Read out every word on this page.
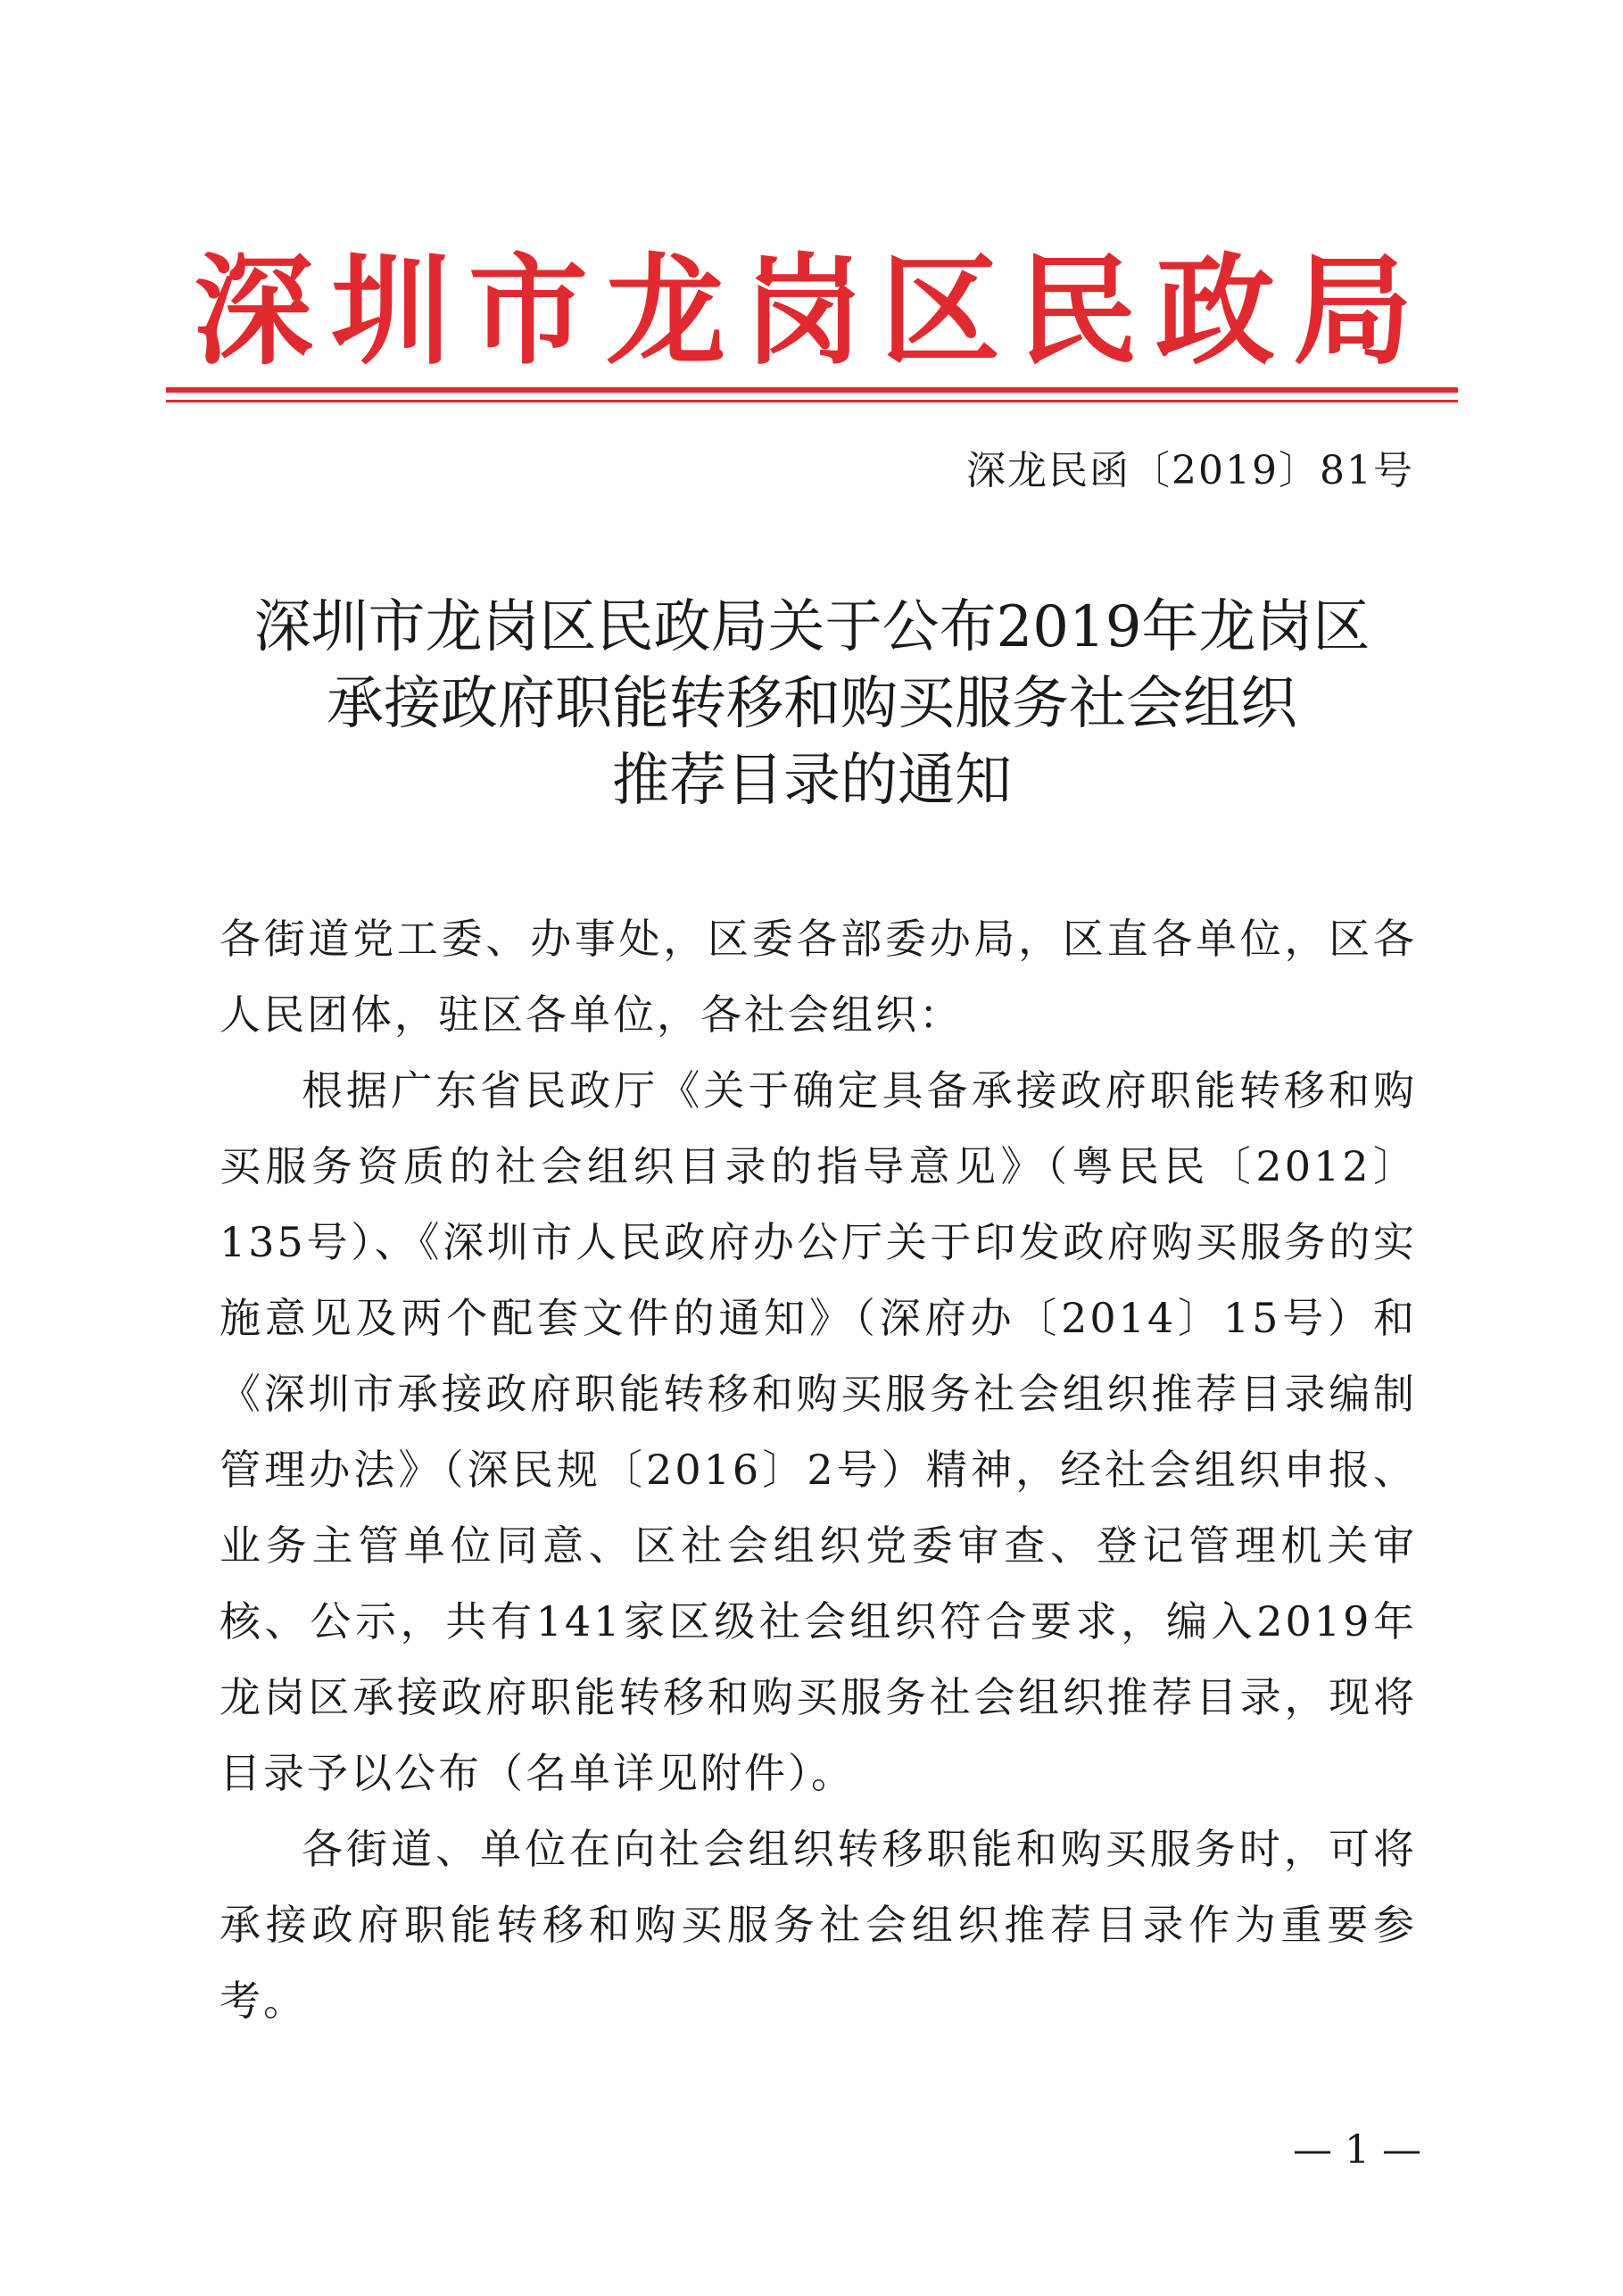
深圳市龙岗区民政局
深龙民函〔2019〕81号
深圳市龙岗区民政局关于公布2019年龙岗区
承接政府职能转移和购买服务社会组织
推荐目录的通知

各街道党工委、办事处，区委各部委办局，区直各单位，区各人民团体，驻区各单位，各社会组织：

根据广东省民政厅《关于确定具备承接政府职能转移和购买服务资质的社会组织目录的指导意见》（粤民民〔2012〕135号）、《深圳市人民政府办公厅关于印发政府购买服务的实施意见及两个配套文件的通知》（深府办〔2014〕15号）和《深圳市承接政府职能转移和购买服务社会组织推荐目录编制管理办法》（深民规〔2016〕2号）精神，经社会组织申报、业务主管单位同意、区社会组织党委审查、登记管理机关审核、公示，共有141家区级社会组织符合要求，编入2019年龙岗区承接政府职能转移和购买服务社会组织推荐目录，现将目录予以公布（名单详见附件）。

各街道、单位在向社会组织转移职能和购买服务时，可将承接政府职能转移和购买服务社会组织推荐目录作为重要参考。

— 1 —
